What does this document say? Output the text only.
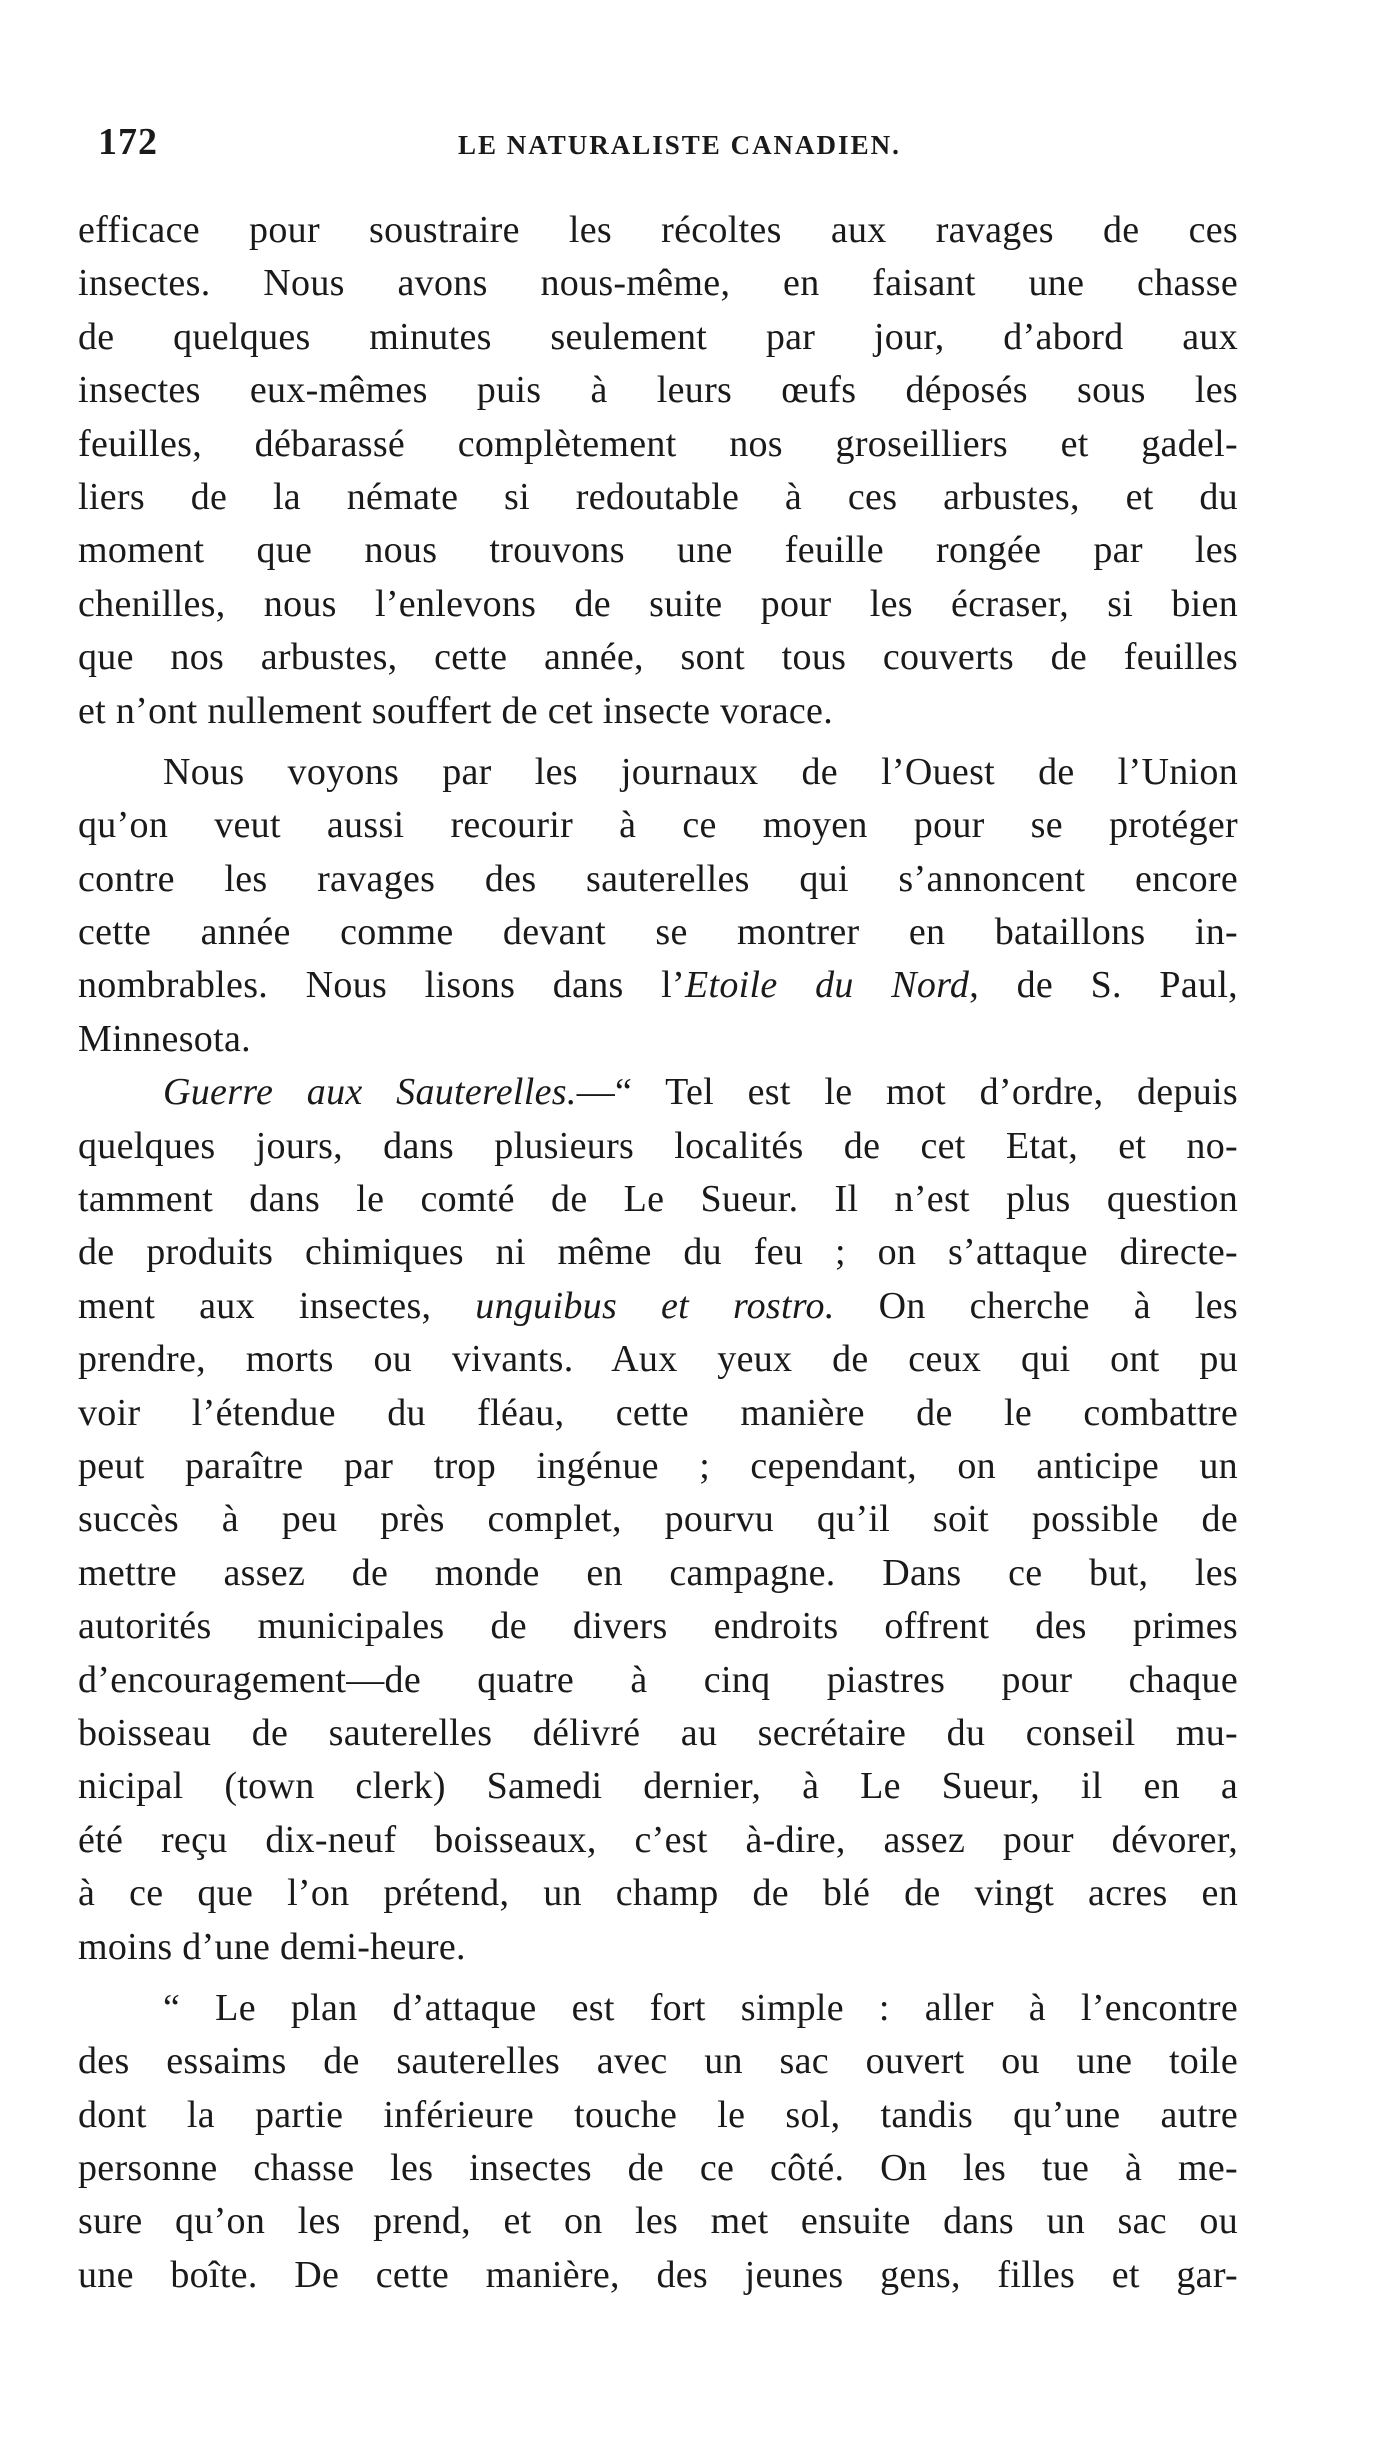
172	LE NATURALISTE CANADIEN.
efficace pour soustraire les récoltes aux ravages de ces
insectes. Nous avons nous-même, en faisant une chasse
de quelques minutes seulement par jour, d’abord aux
insectes eux-mêmes puis à leurs œufs déposés sous les
feuilles, débarassé complètement nos groseilliers et gadel-
liers de la némate si redoutable à ces arbustes, et du
moment que nous trouvons une feuille rongée par les
chenilles, nous l’enlevons de suite pour les écraser, si bien
que nos arbustes, cette année, sont tous couverts de feuilles
et n’ont nullement souffert de cet insecte vorace.
Nous voyons par les journaux de l’Ouest de l’Union
qu’on veut aussi recourir à ce moyen pour se protéger
contre les ravages des sauterelles qui s’annoncent encore
cette année comme devant se montrer en bataillons in-
nombrables. Nous lisons dans l’Etoile du Nord, de S. Paul,
Minnesota.
Guerre aux Sauterelles.—“ Tel est le mot d’ordre, depuis
quelques jours, dans plusieurs localités de cet Etat, et no-
tamment dans le comté de Le Sueur. Il n’est plus question
de produits chimiques ni même du feu ; on s’attaque directe-
ment aux insectes, unguibus et rostro. On cherche à les
prendre, morts ou vivants. Aux yeux de ceux qui ont pu
voir l’étendue du fléau, cette manière de le combattre
peut paraître par trop ingénue ; cependant, on anticipe un
succès à peu près complet, pourvu qu’il soit possible de
mettre assez de monde en campagne. Dans ce but, les
autorités municipales de divers endroits offrent des primes
d’encouragement—de quatre à cinq piastres pour chaque
boisseau de sauterelles délivré au secrétaire du conseil mu-
nicipal (town clerk) Samedi dernier, à Le Sueur, il en a
été reçu dix-neuf boisseaux, c’est à-dire, assez pour dévorer,
à ce que l’on prétend, un champ de blé de vingt acres en
moins d’une demi-heure.
“ Le plan d’attaque est fort simple : aller à l’encontre
des essaims de sauterelles avec un sac ouvert ou une toile
dont la partie inférieure touche le sol, tandis qu’une autre
personne chasse les insectes de ce côté. On les tue à me-
sure qu’on les prend, et on les met ensuite dans un sac ou
une boîte. De cette manière, des jeunes gens, filles et gar-
